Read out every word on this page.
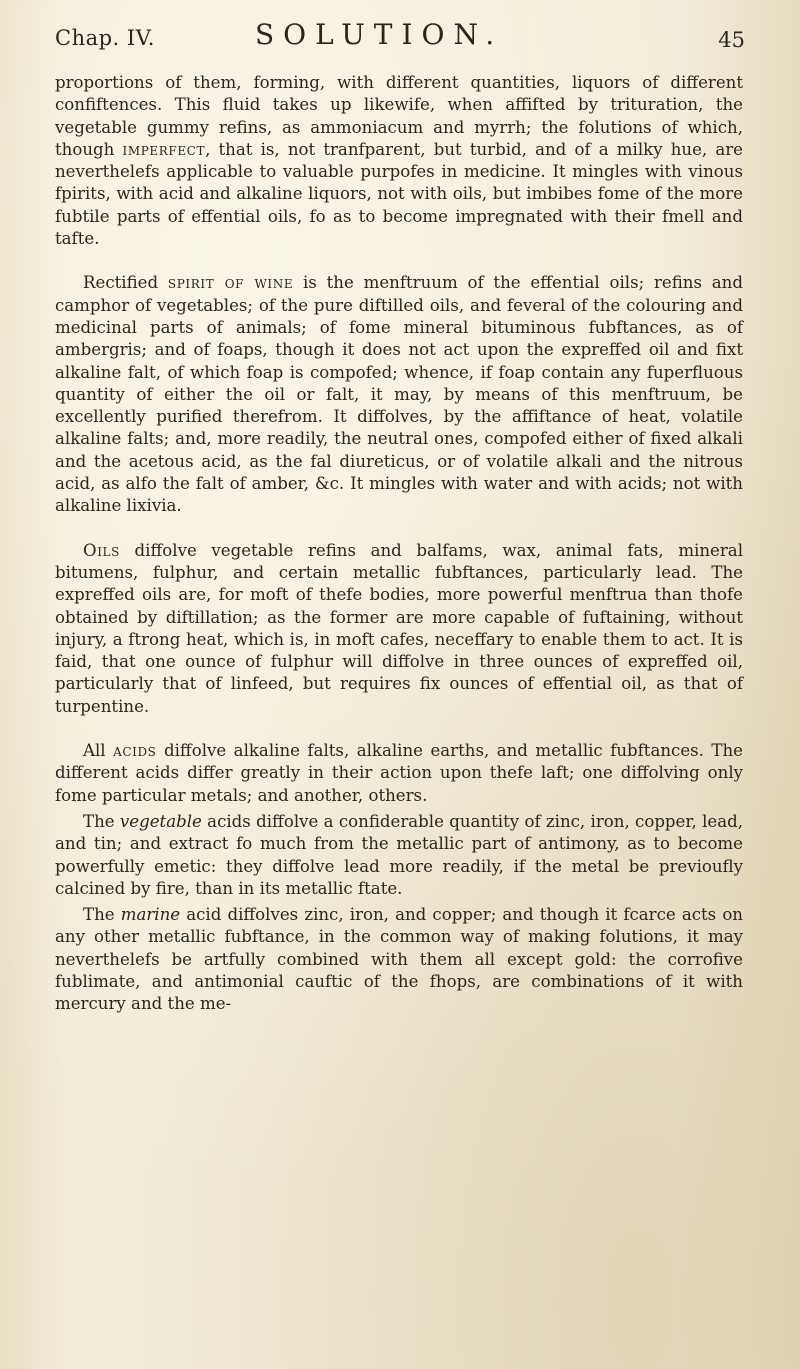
Chap. IV.	SOLUTION.	45

proportions of them, forming, with different quantities, liquors of different confiftences. This fluid takes up likewife, when affifted by trituration, the vegetable gummy refins, as ammoniacum and myrrh; the folutions of which, though imperfect, that is, not tranfparent, but turbid, and of a milky hue, are neverthelefs applicable to valuable purpofes in medicine. It mingles with vinous fpirits, with acid and alkaline liquors, not with oils, but imbibes fome of the more fubtile parts of effential oils, fo as to become impregnated with their fmell and tafte.

Rectified spirit of wine is the menftruum of the effential oils; refins and camphor of vegetables; of the pure diftilled oils, and feveral of the colouring and medicinal parts of animals; of fome mineral bituminous fubftances, as of ambergris; and of foaps, though it does not act upon the expreffed oil and fixt alkaline falt, of which foap is compofed; whence, if foap contain any fuperfluous quantity of either the oil or falt, it may, by means of this menftruum, be excellently purified therefrom. It diffolves, by the affiftance of heat, volatile alkaline falts; and, more readily, the neutral ones, compofed either of fixed alkali and the acetous acid, as the fal diureticus, or of volatile alkali and the nitrous acid, as alfo the falt of amber, &c. It mingles with water and with acids; not with alkaline lixivia.

Oils diffolve vegetable refins and balfams, wax, animal fats, mineral bitumens, fulphur, and certain metallic fubftances, particularly lead. The expreffed oils are, for moft of thefe bodies, more powerful menftrua than thofe obtained by diftillation; as the former are more capable of fuftaining, without injury, a ftrong heat, which is, in moft cafes, neceffary to enable them to act. It is faid, that one ounce of fulphur will diffolve in three ounces of expreffed oil, particularly that of linfeed, but requires fix ounces of effential oil, as that of turpentine.

All acids diffolve alkaline falts, alkaline earths, and metallic fubftances. The different acids differ greatly in their action upon thefe laft; one diffolving only fome particular metals; and another, others.

The vegetable acids diffolve a confiderable quantity of zinc, iron, copper, lead, and tin; and extract fo much from the metallic part of antimony, as to become powerfully emetic: they diffolve lead more readily, if the metal be previoufly calcined by fire, than in its metallic ftate.

The marine acid diffolves zinc, iron, and copper; and though it fcarce acts on any other metallic fubftance, in the common way of making folutions, it may neverthelefs be artfully combined with them all except gold: the corrofive fublimate, and antimonial cauftic of the fhops, are combinations of it with mercury and the me-
